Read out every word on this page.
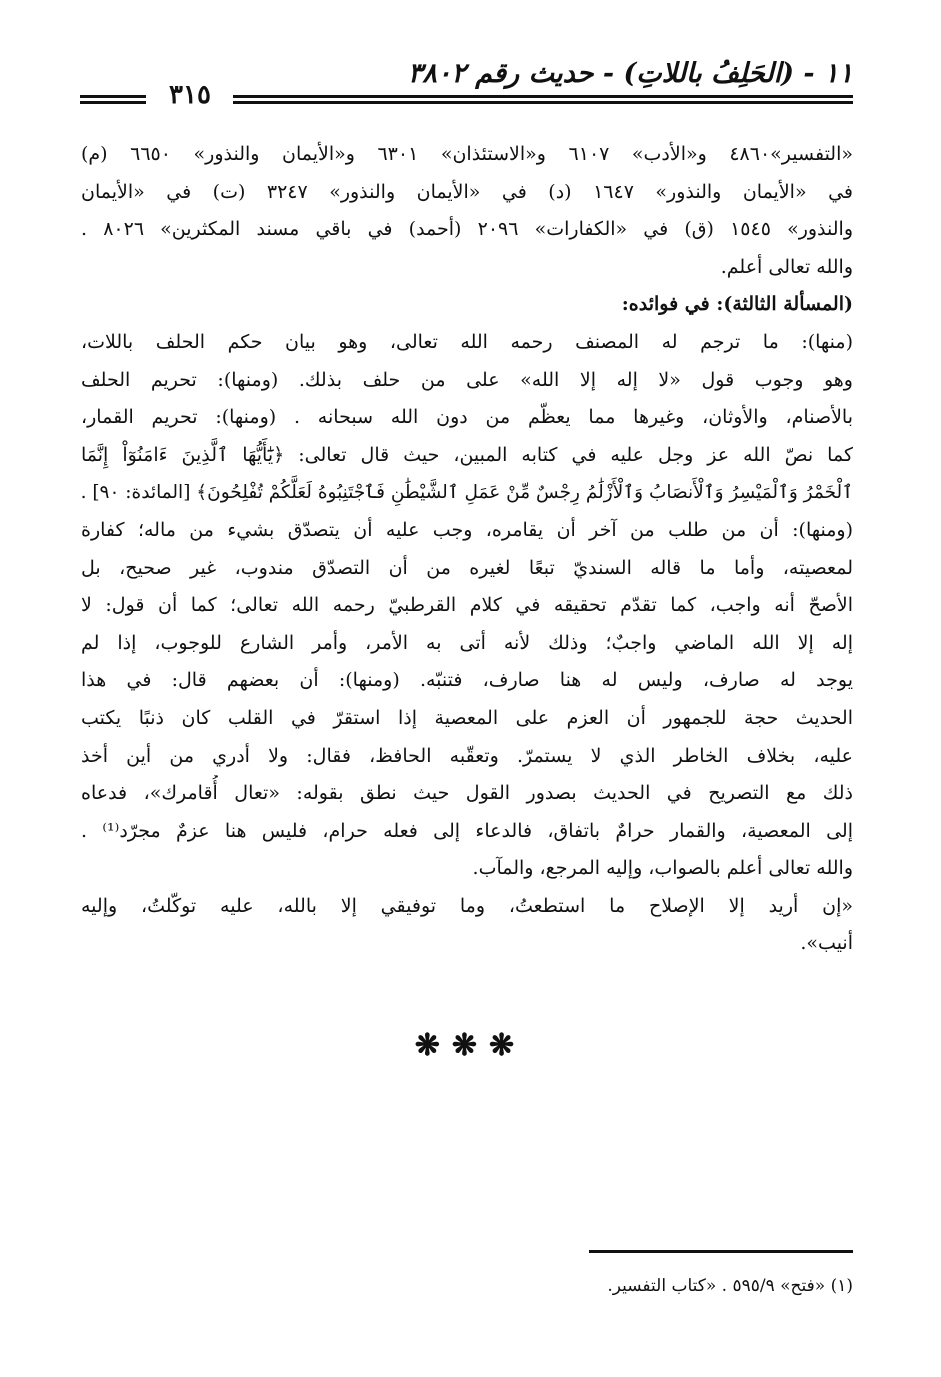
١١ - (الحَلِفُ باللاتِ) - حديث رقم ٣٨٠٢
٣١٥
«التفسير»٤٨٦٠ و«الأدب» ٦١٠٧ و«الاستئذان» ٦٣٠١ و«الأيمان والنذور» ٦٦٥٠ (م)
في «الأيمان والنذور» ١٦٤٧ (د) في «الأيمان والنذور» ٣٢٤٧ (ت) في «الأيمان
والنذور» ١٥٤٥ (ق) في «الكفارات» ٢٠٩٦ (أحمد) في باقي مسند المكثرين» ٨٠٢٦ .
والله تعالى أعلم.
(المسألة الثالثة): في فوائده:
(منها): ما ترجم له المصنف رحمه الله تعالى، وهو بيان حكم الحلف باللات،
وهو وجوب قول «لا إله إلا الله» على من حلف بذلك. (ومنها): تحريم الحلف
بالأصنام، والأوثان، وغيرها مما يعظّم من دون الله سبحانه . (ومنها): تحريم القمار،
كما نصّ الله عز وجل عليه في كتابه المبين، حيث قال تعالى: ﴿يَٰٓأَيُّهَا ٱلَّذِينَ ءَامَنُوٓاْ إِنَّمَا
ٱلْخَمْرُ وَٱلْمَيْسِرُ وَٱلْأَنصَابُ وَٱلْأَزْلَٰمُ رِجْسٌ مِّنْ عَمَلِ ٱلشَّيْطَٰنِ فَٱجْتَنِبُوهُ لَعَلَّكُمْ تُفْلِحُونَ﴾ [المائدة: ٩٠] .
(ومنها): أن من طلب من آخر أن يقامره، وجب عليه أن يتصدّق بشيء من ماله؛ كفارة
لمعصيته، وأما ما قاله السنديّ تبعًا لغيره من أن التصدّق مندوب، غير صحيح، بل
الأصحّ أنه واجب، كما تقدّم تحقيقه في كلام القرطبيّ رحمه الله تعالى؛ كما أن قول: لا
إله إلا الله الماضي واجبٌ؛ وذلك لأنه أتى به الأمر، وأمر الشارع للوجوب، إذا لم
يوجد له صارف، وليس له هنا صارف، فتنبّه. (ومنها): أن بعضهم قال: في هذا
الحديث حجة للجمهور أن العزم على المعصية إذا استقرّ في القلب كان ذنبًا يكتب
عليه، بخلاف الخاطر الذي لا يستمرّ. وتعقّبه الحافظ، فقال: ولا أدري من أين أخذ
ذلك مع التصريح في الحديث بصدور القول حيث نطق بقوله: «تعال أُقامرك»، فدعاه
إلى المعصية، والقمار حرامٌ باتفاق، فالدعاء إلى فعله حرام، فليس هنا عزمٌ مجرّد⁽¹⁾ .
والله تعالى أعلم بالصواب، وإليه المرجع، والمآب.
«إن أريد إلا الإصلاح ما استطعتُ، وما توفيقي إلا بالله، عليه توكّلتُ، وإليه
أنيب».
❋❋❋
(١) «فتح» ٥٩٥/٩ . «كتاب التفسير.
